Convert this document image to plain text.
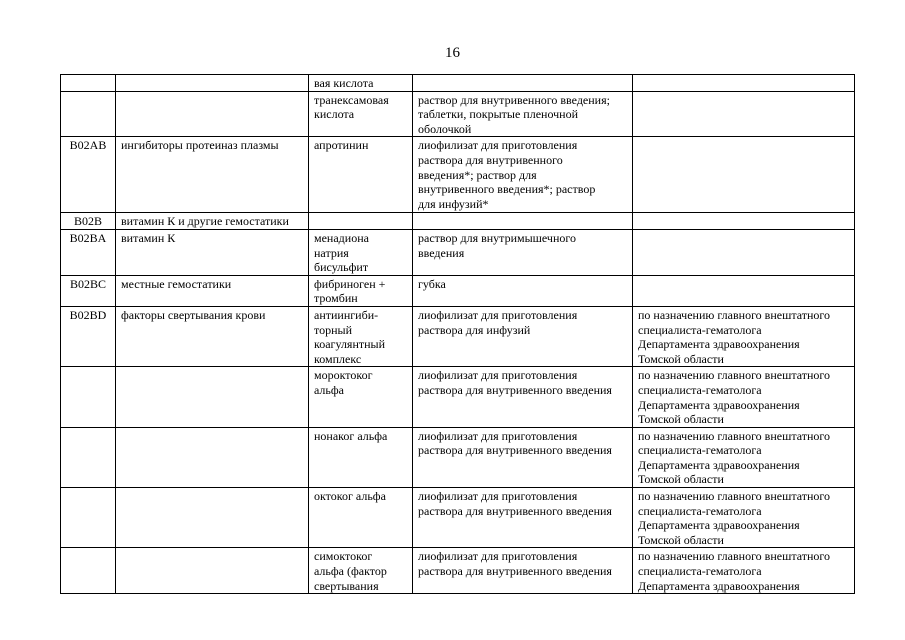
16

		вая кислота		

		транексамовая
кислота	раствор для внутривенного введения;
таблетки, покрытые пленочной
оболочкой	

B02AB	ингибиторы протеиназ плазмы	апротинин	лиофилизат для приготовления
раствора для внутривенного
введения*; раствор для
внутривенного введения*; раствор
для инфузий*	

B02B	витамин К и другие гемостатики			
B02BA	витамин К	менадиона
натрия
бисульфит	раствор для внутримышечного
введения	

B02BC	местные гемостатики	фибриноген +
тромбин	губка	

B02BD	факторы свертывания крови	антиингиби-
торный
коагулянтный
комплекс	лиофилизат для приготовления
раствора для инфузий	по назначению главного внештатного
специалиста-гематолога
Департамента здравоохранения
Томской области

		мороктоког
альфа	лиофилизат для приготовления
раствора для внутривенного введения	по назначению главного внештатного
специалиста-гематолога
Департамента здравоохранения
Томской области

		нонаког альфа	лиофилизат для приготовления
раствора для внутривенного введения	по назначению главного внештатного
специалиста-гематолога
Департамента здравоохранения
Томской области

		октоког альфа	лиофилизат для приготовления
раствора для внутривенного введения	по назначению главного внештатного
специалиста-гематолога
Департамента здравоохранения
Томской области

		симоктоког
альфа (фактор
свертывания	лиофилизат для приготовления
раствора для внутривенного введения	по назначению главного внештатного
специалиста-гематолога
Департамента здравоохранения
